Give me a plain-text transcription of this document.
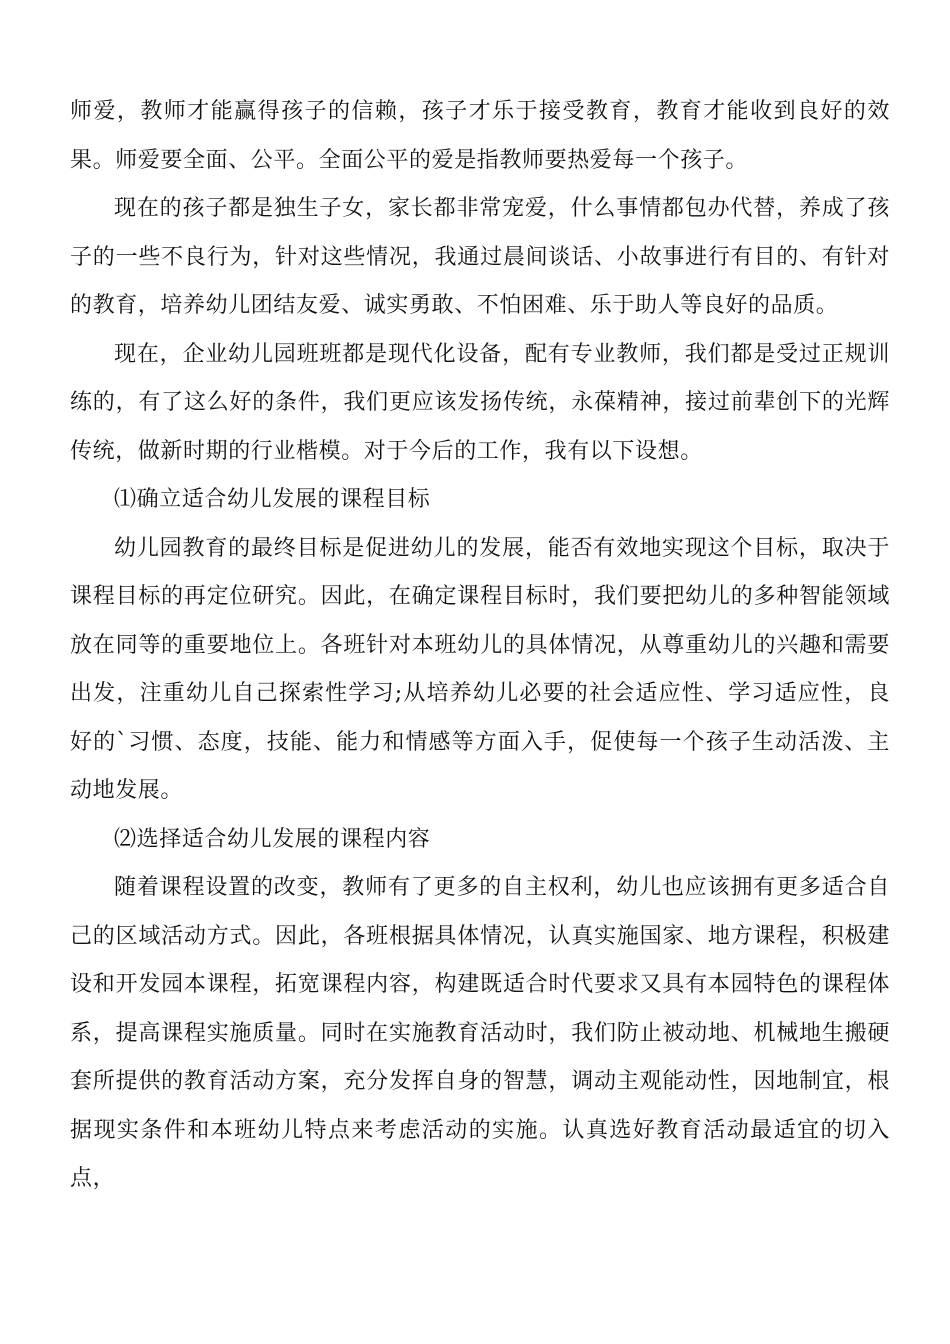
师爱，教师才能赢得孩子的信赖，孩子才乐于接受教育，教育才能收到良好的效果。师爱要全面、公平。全面公平的爱是指教师要热爱每一个孩子。

现在的孩子都是独生子女，家长都非常宠爱，什么事情都包办代替，养成了孩子的一些不良行为，针对这些情况，我通过晨间谈话、小故事进行有目的、有针对的教育，培养幼儿团结友爱、诚实勇敢、不怕困难、乐于助人等良好的品质。

现在，企业幼儿园班班都是现代化设备，配有专业教师，我们都是受过正规训练的，有了这么好的条件，我们更应该发扬传统，永葆精神，接过前辈创下的光辉传统，做新时期的行业楷模。对于今后的工作，我有以下设想。

⑴确立适合幼儿发展的课程目标

幼儿园教育的最终目标是促进幼儿的发展，能否有效地实现这个目标，取决于课程目标的再定位研究。因此，在确定课程目标时，我们要把幼儿的多种智能领域放在同等的重要地位上。各班针对本班幼儿的具体情况，从尊重幼儿的兴趣和需要出发，注重幼儿自己探索性学习;从培养幼儿必要的社会适应性、学习适应性，良好的`习惯、态度，技能、能力和情感等方面入手，促使每一个孩子生动活泼、主动地发展。

⑵选择适合幼儿发展的课程内容

随着课程设置的改变，教师有了更多的自主权利，幼儿也应该拥有更多适合自己的区域活动方式。因此，各班根据具体情况，认真实施国家、地方课程，积极建设和开发园本课程，拓宽课程内容，构建既适合时代要求又具有本园特色的课程体系，提高课程实施质量。同时在实施教育活动时，我们防止被动地、机械地生搬硬套所提供的教育活动方案，充分发挥自身的智慧，调动主观能动性，因地制宜，根据现实条件和本班幼儿特点来考虑活动的实施。认真选好教育活动最适宜的切入点，
